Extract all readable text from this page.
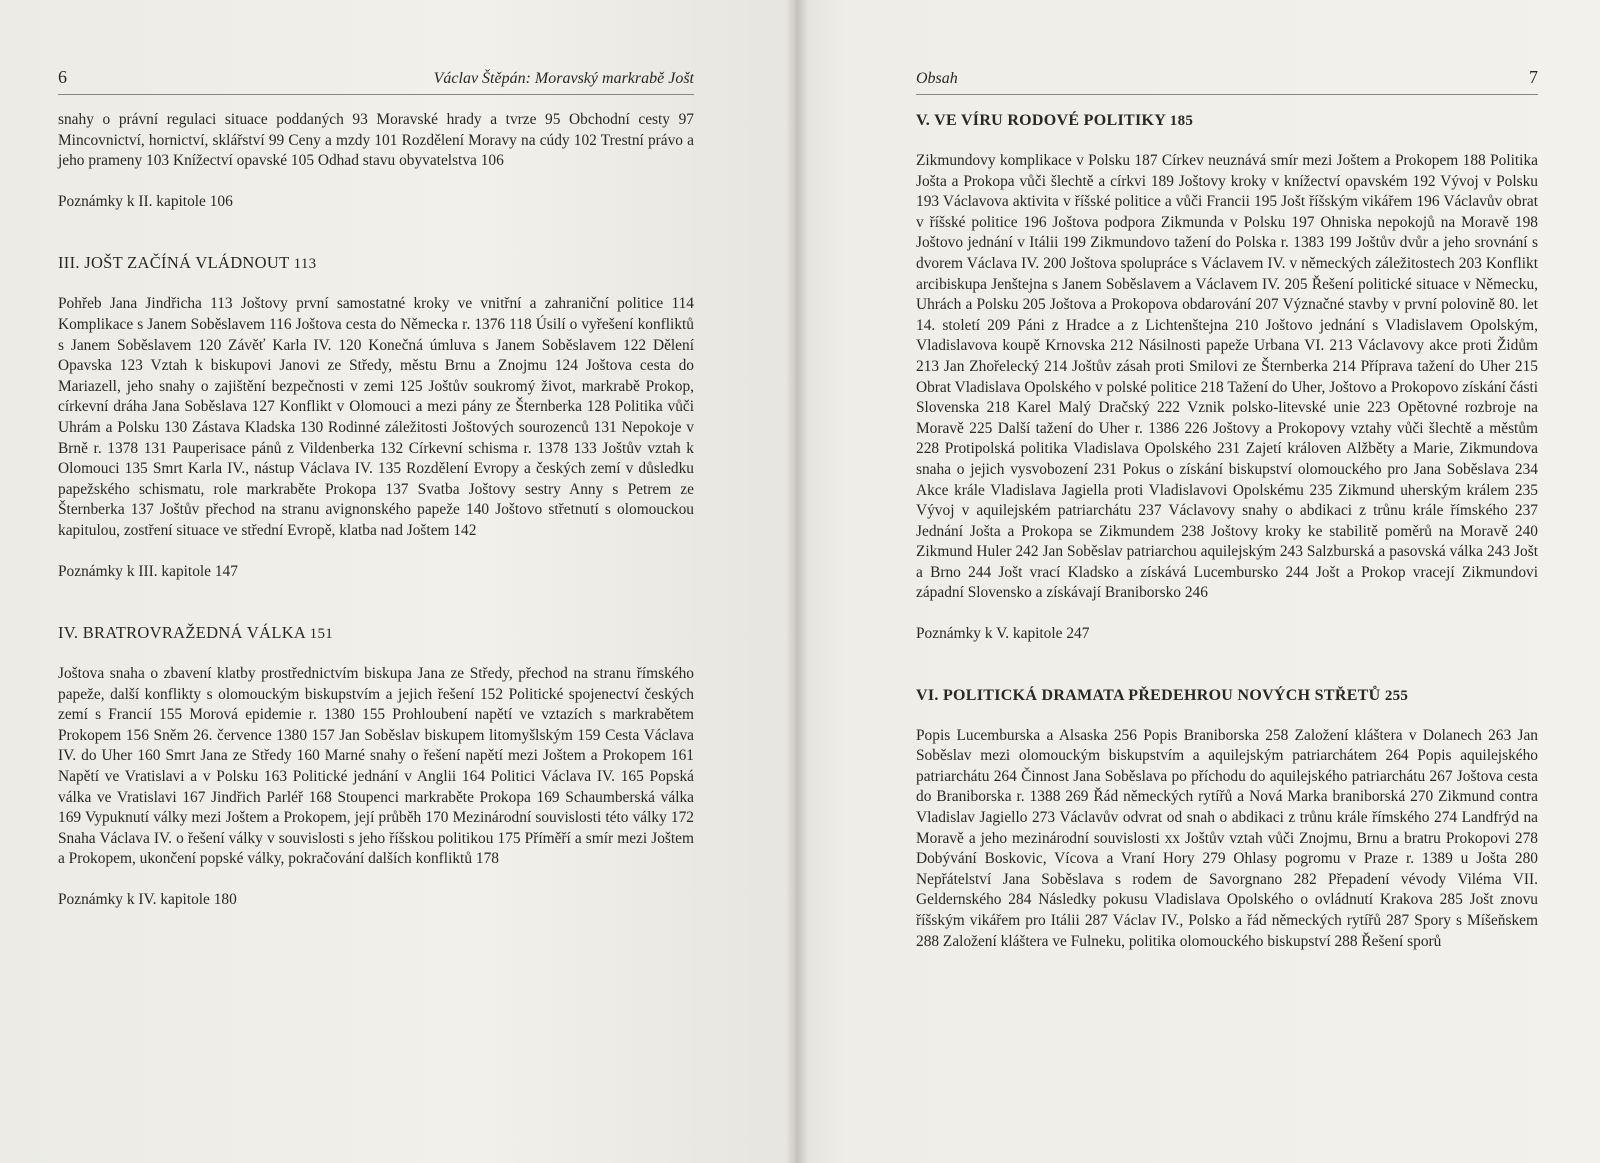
6	Václav Štěpán: Moravský markrabě Jošt	Obsah	7

snahy o právní regulaci situace poddaných 93 Moravské hrady a tvrze 95 Obchodní cesty 97 Mincovnictví, hornictví, sklářství 99 Ceny a mzdy 101 Rozdělení Moravy na cúdy 102 Trestní právo a jeho prameny 103 Knížectví opavské 105 Odhad stavu obyvatelstva 106

Poznámky k II. kapitole 106

III. JOŠT ZAČÍNÁ VLÁDNOUT 113

Pohřeb Jana Jindřicha 113 Joštovy první samostatné kroky ve vnitřní a zahraniční politice 114 Komplikace s Janem Soběslavem 116 Joštova cesta do Německa r. 1376 118 Úsilí o vyřešení konfliktů s Janem Soběslavem 120 Závěť Karla IV. 120 Konečná úmluva s Janem Soběslavem 122 Dělení Opavska 123 Vztah k biskupovi Janovi ze Středy, městu Brnu a Znojmu 124 Joštova cesta do Mariazell, jeho snahy o zajištění bezpečnosti v zemi 125 Joštův soukromý život, markrabě Prokop, církevní dráha Jana Soběslava 127 Konflikt v Olomouci a mezi pány ze Šternberka 128 Politika vůči Uhrám a Polsku 130 Zástava Kladska 130 Rodinné záležitosti Joštových sourozenců 131 Nepokoje v Brně r. 1378 131 Pauperisace pánů z Vildenberka 132 Církevní schisma r. 1378 133 Joštův vztah k Olomouci 135 Smrt Karla IV., nástup Václava IV. 135 Rozdělení Evropy a českých zemí v důsledku papežského schismatu, role markraběte Prokopa 137 Svatba Joštovy sestry Anny s Petrem ze Šternberka 137 Joštův přechod na stranu avignonského papeže 140 Joštovo střetnutí s olomouckou kapitulou, zostření situace ve střední Evropě, klatba nad Joštem 142

Poznámky k III. kapitole 147

IV. BRATROVRAŽEDNÁ VÁLKA 151

Joštova snaha o zbavení klatby prostřednictvím biskupa Jana ze Středy, přechod na stranu římského papeže, další konflikty s olomouckým biskupstvím a jejich řešení 152 Politické spojenectví českých zemí s Francií 155 Morová epidemie r. 1380 155 Prohloubení napětí ve vztazích s markrabětem Prokopem 156 Sněm 26. července 1380 157 Jan Soběslav biskupem litomyšlským 159 Cesta Václava IV. do Uher 160 Smrt Jana ze Středy 160 Marné snahy o řešení napětí mezi Joštem a Prokopem 161 Napětí ve Vratislavi a v Polsku 163 Politické jednání v Anglii 164 Politici Václava IV. 165 Popská válka ve Vratislavi 167 Jindřich Parléř 168 Stoupenci markraběte Prokopa 169 Schaumberská válka 169 Vypuknutí války mezi Joštem a Prokopem, její průběh 170 Mezinárodní souvislosti této války 172 Snaha Václava IV. o řešení války v souvislosti s jeho říšskou politikou 175 Příměří a smír mezi Joštem a Prokopem, ukončení popské války, pokračování dalších konfliktů 178

Poznámky k IV. kapitole 180

V. VE VÍRU RODOVÉ POLITIKY 185

Zikmundovy komplikace v Polsku 187 Církev neuznává smír mezi Joštem a Prokopem 188 Politika Jošta a Prokopa vůči šlechtě a církvi 189 Joštovy kroky v knížectví opavském 192 Vývoj v Polsku 193 Václavova aktivita v říšské politice a vůči Francii 195 Jošt říšským vikářem 196 Václavův obrat v říšské politice 196 Joštova podpora Zikmunda v Polsku 197 Ohniska nepokojů na Moravě 198 Joštovo jednání v Itálii 199 Zikmundovo tažení do Polska r. 1383 199 Joštův dvůr a jeho srovnání s dvorem Václava IV. 200 Joštova spolupráce s Václavem IV. v německých záležitostech 203 Konflikt arcibiskupa Jenštejna s Janem Soběslavem a Václavem IV. 205 Řešení politické situace v Německu, Uhrách a Polsku 205 Joštova a Prokopova obdarování 207 Význačné stavby v první polovině 80. let 14. století 209 Páni z Hradce a z Lichtenštejna 210 Joštovo jednání s Vladislavem Opolským, Vladislavova koupě Krnovska 212 Násilnosti papeže Urbana VI. 213 Václavovy akce proti Židům 213 Jan Zhořelecký 214 Joštův zásah proti Smilovi ze Šternberka 214 Příprava tažení do Uher 215 Obrat Vladislava Opolského v polské politice 218 Tažení do Uher, Joštovo a Prokopovo získání části Slovenska 218 Karel Malý Dračský 222 Vznik polsko-litevské unie 223 Opětovné rozbroje na Moravě 225 Další tažení do Uher r. 1386 226 Joštovy a Prokopovy vztahy vůči šlechtě a městům 228 Protipolská politika Vladislava Opolského 231 Zajetí královen Alžběty a Marie, Zikmundova snaha o jejich vysvobození 231 Pokus o získání biskupství olomouckého pro Jana Soběslava 234 Akce krále Vladislava Jagiella proti Vladislavovi Opolskému 235 Zikmund uherským králem 235 Vývoj v aquilejském patriarchátu 237 Václavovy snahy o abdikaci z trůnu krále římského 237 Jednání Jošta a Prokopa se Zikmundem 238 Joštovy kroky ke stabilitě poměrů na Moravě 240 Zikmund Huler 242 Jan Soběslav patriarchou aquilejským 243 Salzburská a pasovská válka 243 Jošt a Brno 244 Jošt vrací Kladsko a získává Lucembursko 244 Jošt a Prokop vracejí Zikmundovi západní Slovensko a získávají Braniborsko 246

Poznámky k V. kapitole 247

VI. POLITICKÁ DRAMATA PŘEDEHROU NOVÝCH STŘETŮ 255

Popis Lucemburska a Alsaska 256 Popis Braniborska 258 Založení kláštera v Dolanech 263 Jan Soběslav mezi olomouckým biskupstvím a aquilejským patriarchátem 264 Popis aquilejského patriarchátu 264 Činnost Jana Soběslava po příchodu do aquilejského patriarchátu 267 Joštova cesta do Braniborska r. 1388 269 Řád německých rytířů a Nová Marka braniborská 270 Zikmund contra Vladislav Jagiello 273 Václavův odvrat od snah o abdikaci z trůnu krále římského 274 Landfrýd na Moravě a jeho mezinárodní souvislosti xx Joštův vztah vůči Znojmu, Brnu a bratru Prokopovi 278 Dobývání Boskovic, Vícova a Vraní Hory 279 Ohlasy pogromu v Praze r. 1389 u Jošta 280 Nepřátelství Jana Soběslava s rodem de Savorgnano 282 Přepadení vévody Viléma VII. Geldernského 284 Následky pokusu Vladislava Opolského o ovládnutí Krakova 285 Jošt znovu říšským vikářem pro Itálii 287 Václav IV., Polsko a řád německých rytířů 287 Spory s Míšeňskem 288 Založení kláštera ve Fulneku, politika olomouckého biskupství 288 Řešení sporů
